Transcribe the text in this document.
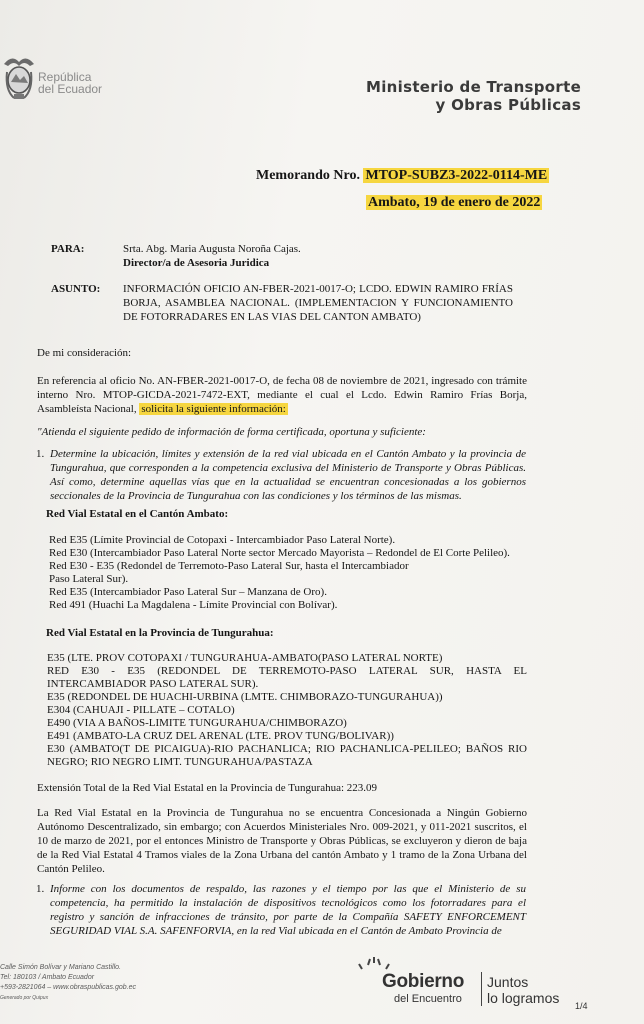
República
del Ecuador	Ministerio de Transporte
y Obras Públicas
Memorando Nro. MTOP-SUBZ3-2022-0114-ME
Ambato, 19 de enero de 2022
PARA:	Srta. Abg. Maria Augusta Noroña Cajas.
Director/a de Asesoria Juridica
ASUNTO: INFORMACIÓN OFICIO AN-FBER-2021-0017-O; LCDO. EDWIN RAMIRO FRÍAS BORJA, ASAMBLEA NACIONAL. (IMPLEMENTACION Y FUNCIONAMIENTO DE FOTORRADARES EN LAS VIAS DEL CANTON AMBATO)
De mi consideración:
En referencia al oficio No. AN-FBER-2021-0017-O, de fecha 08 de noviembre de 2021, ingresado con trámite interno Nro. MTOP-GICDA-2021-7472-EXT, mediante el cual el Lcdo. Edwin Ramiro Frías Borja, Asambleísta Nacional, solicita la siguiente información:
"Atienda el siguiente pedido de información de forma certificada, oportuna y suficiente:
1. Determine la ubicación, límites y extensión de la red vial ubicada en el Cantón Ambato y la provincia de Tungurahua, que corresponden a la competencia exclusiva del Ministerio de Transporte y Obras Públicas. Así como, determine aquellas vías que en la actualidad se encuentran concesionadas a los gobiernos seccionales de la Provincia de Tungurahua con las condiciones y los términos de las mismas.
Red Vial Estatal en el Cantón Ambato:
Red E35 (Límite Provincial de Cotopaxi - Intercambiador Paso Lateral Norte).
Red E30 (Intercambiador Paso Lateral Norte sector Mercado Mayorista – Redondel de El Corte Pelileo).
Red E30 - E35 (Redondel de Terremoto-Paso Lateral Sur, hasta el Intercambiador
Paso Lateral Sur).
Red E35 (Intercambiador Paso Lateral Sur – Manzana de Oro).
Red 491 (Huachi La Magdalena - Límite Provincial con Bolívar).
Red Vial Estatal en la Provincia de Tungurahua:
E35 (LTE. PROV COTOPAXI / TUNGURAHUA-AMBATO(PASO LATERAL NORTE)
RED E30 - E35 (REDONDEL DE TERREMOTO-PASO LATERAL SUR, HASTA EL INTERCAMBIADOR PASO LATERAL SUR).
E35 (REDONDEL DE HUACHI-URBINA (LMTE. CHIMBORAZO-TUNGURAHUA))
E304 (CAHUAJI - PILLATE – COTALO)
E490 (VIA A BAÑOS-LIMITE TUNGURAHUA/CHIMBORAZO)
E491 (AMBATO-LA CRUZ DEL ARENAL (LTE. PROV TUNG/BOLIVAR))
E30 (AMBATO(T DE PICAIGUA)-RIO PACHANLICA; RIO PACHANLICA-PELILEO; BAÑOS RIO NEGRO; RIO NEGRO LIMT. TUNGURAHUA/PASTAZA
Extensión Total de la Red Vial Estatal en la Provincia de Tungurahua: 223.09
La Red Vial Estatal en la Provincia de Tungurahua no se encuentra Concesionada a Ningún Gobierno Autónomo Descentralizado, sin embargo; con Acuerdos Ministeriales Nro. 009-2021, y 011-2021 suscritos, el 10 de marzo de 2021, por el entonces Ministro de Transporte y Obras Públicas, se excluyeron y dieron de baja de la Red Vial Estatal 4 Tramos viales de la Zona Urbana del cantón Ambato y 1 tramo de la Zona Urbana del Cantón Pelileo.
1. Informe con los documentos de respaldo, las razones y el tiempo por las que el Ministerio de su competencia, ha permitido la instalación de dispositivos tecnológicos como los fotorradares para el registro y sanción de infracciones de tránsito, por parte de la Compañía SAFETY ENFORCEMENT SEGURIDAD VIAL S.A. SAFENFORVIA, en la red Vial ubicada en el Cantón de Ambato Provincia de
Calle Simón Bolívar y Mariano Castillo.
Tel: 180103 / Ambato Ecuador
+593-2821064 – www.obraspublicas.gob.ec
Generado por Quipux
Gobierno
del Encuentro
Juntos
lo logramos 1/4
